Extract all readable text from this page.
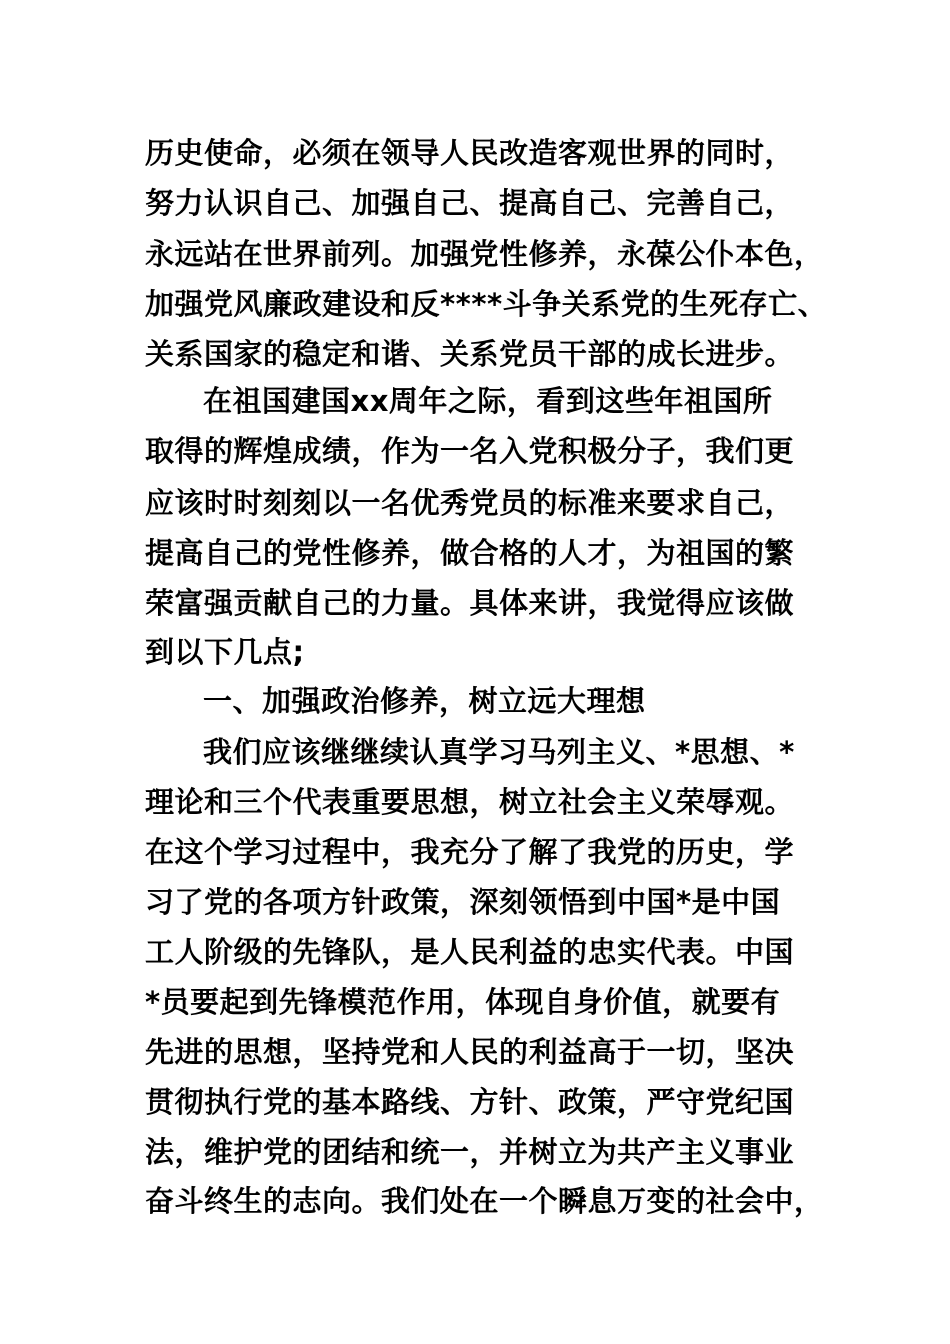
历史使命，必须在领导人民改造客观世界的同时，
努力认识自己、加强自己、提高自己、完善自己，
永远站在世界前列。加强党性修养，永葆公仆本色，
加强党风廉政建设和反****斗争关系党的生死存亡、
关系国家的稳定和谐、关系党员干部的成长进步。
在祖国建国xx周年之际，看到这些年祖国所
取得的辉煌成绩，作为一名入党积极分子，我们更
应该时时刻刻以一名优秀党员的标准来要求自己，
提高自己的党性修养，做合格的人才，为祖国的繁
荣富强贡献自己的力量。具体来讲，我觉得应该做
到以下几点;
一、加强政治修养，树立远大理想
我们应该继继续认真学习马列主义、*思想、*
理论和三个代表重要思想，树立社会主义荣辱观。
在这个学习过程中，我充分了解了我党的历史，学
习了党的各项方针政策，深刻领悟到中国*是中国
工人阶级的先锋队，是人民利益的忠实代表。中国
*员要起到先锋模范作用，体现自身价值，就要有
先进的思想，坚持党和人民的利益高于一切，坚决
贯彻执行党的基本路线、方针、政策，严守党纪国
法，维护党的团结和统一，并树立为共产主义事业
奋斗终生的志向。我们处在一个瞬息万变的社会中，
